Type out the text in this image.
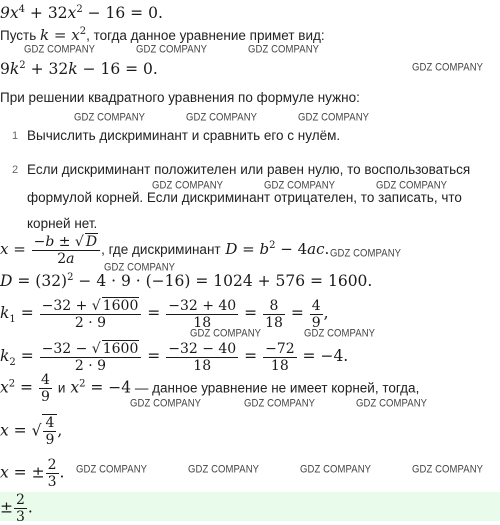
$9x^4 + 32x^2 - 16 = 0$.
Пусть $k = x^2$, тогда данное уравнение примет вид:
GDZ COMPANY	GDZ COMPANY	GDZ COMPANY
$9k^2 + 32k - 16 = 0$.	GDZ COMPANY
При решении квадратного уравнения по формуле нужно:
GDZ COMPANY	GDZ COMPANY	GDZ COMPANY
1 Вычислить дискриминант и сравнить его с нулём.
2 Если дискриминант положителен или равен нулю, то воспользоваться
GDZ COMPANY	GDZ COMPANY	GDZ COMPANY
формулой корней. Если дискриминант отрицателен, то записать, что
корней нет.
$x = \frac{-b \pm √ D}{2a}$ , где дискриминант $D = b^2 - 4ac$. GDZ COMPANY
GDZ COMPANY
$D = (32)^2 - 4 \cdot 9 \cdot (-16) = 1024 + 576 = 1600$.
$k_1 = \frac{-32 + √ 1600}{2 \cdot 9} = \frac{-32 + 40}{18} = \frac{8}{18} = \frac{4}{9}$ ,
GDZ COMPANY	GDZ COMPANY
$k_2 = \frac{-32 - √ 1600}{2 \cdot 9} = \frac{-32 - 40}{18} = \frac{-72}{18} = -4$.
$x^2 = \frac{4}{9}$ и $x^2 = -4$ — данное уравнение не имеет корней, тогда,
GDZ COMPANY	GDZ COMPANY	GDZ COMPANY
x = √ $\frac{4}{9}$ ,
x = ± $\frac{2}{3}$ . GDZ COMPANY	GDZ COMPANY	GDZ COMPANY	GDZ COMPANY
± $\frac{2}{3}$ .
